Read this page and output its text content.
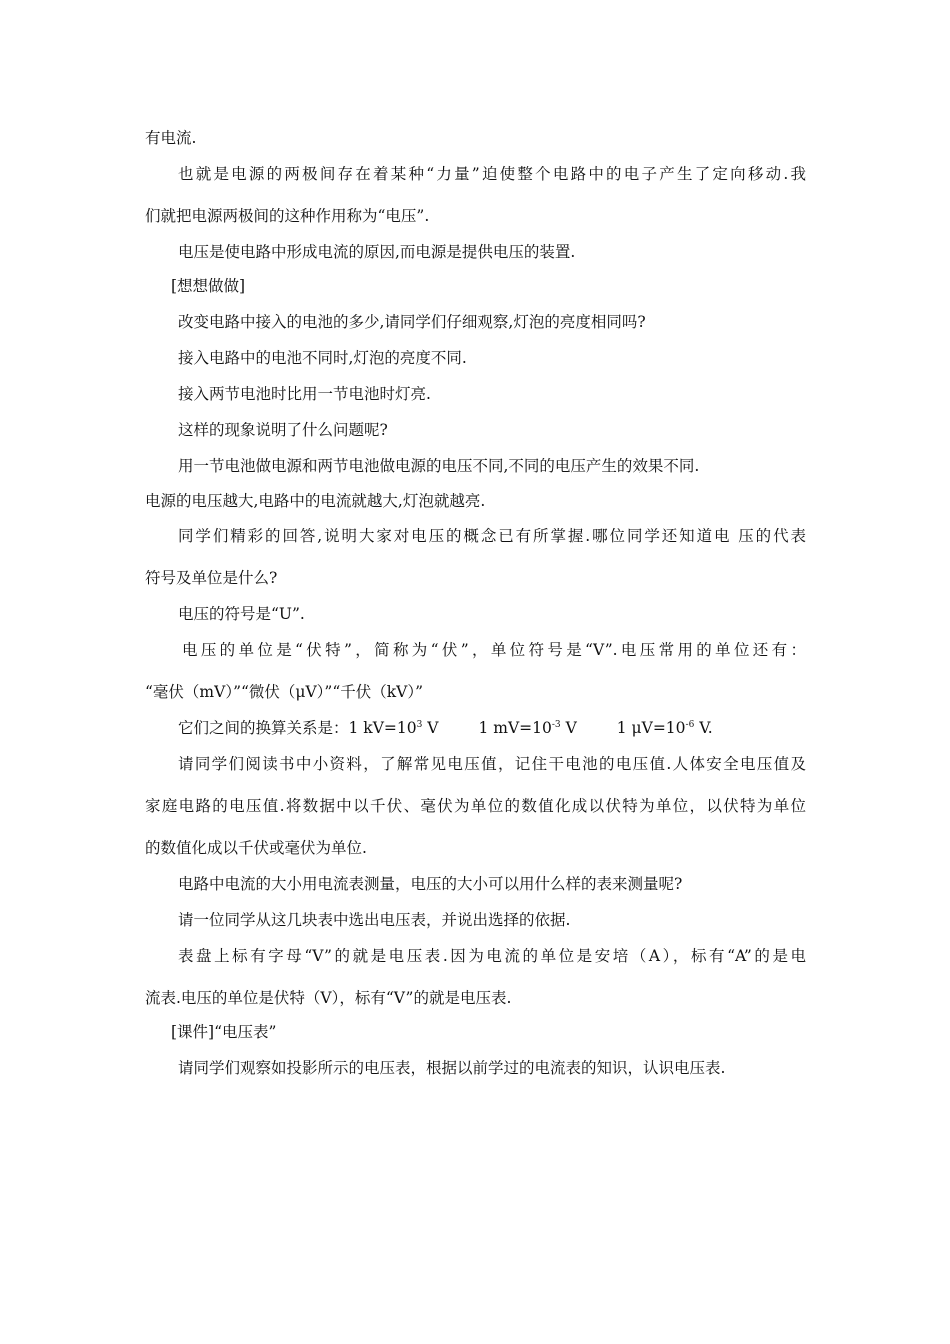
有电流.
也就是电源的两极间存在着某种“力量”迫使整个电路中的电子产生了定向移动.我
们就把电源两极间的这种作用称为“电压”.
电压是使电路中形成电流的原因,而电源是提供电压的装置.
[想想做做]
改变电路中接入的电池的多少,请同学们仔细观察,灯泡的亮度相同吗?
接入电路中的电池不同时,灯泡的亮度不同.
接入两节电池时比用一节电池时灯亮.
这样的现象说明了什么问题呢?
用一节电池做电源和两节电池做电源的电压不同,不同的电压产生的效果不同.
电源的电压越大,电路中的电流就越大,灯泡就越亮.
同学们精彩的回答,说明大家对电压的概念已有所掌握.哪位同学还知道电 压的代表
符号及单位是什么?
电压的符号是“U”.
电压的单位是“伏特”，简称为“伏”，单位符号是“V”.电压常用的单位还有：
“毫伏（mV）”“微伏（μV）”“千伏（kV）”
它们之间的换算关系是：1 $kV=10^3$ V	1 $mV=10^{-3}$ V	1 $\mu V=10^{-6}$ V.
请同学们阅读书中小资料，了解常见电压值，记住干电池的电压值.人体安全电压值及
家庭电路的电压值.将数据中以千伏、毫伏为单位的数值化成以伏特为单位，以伏特为单位
的数值化成以千伏或毫伏为单位.
电路中电流的大小用电流表测量，电压的大小可以用什么样的表来测量呢?
请一位同学从这几块表中选出电压表，并说出选择的依据.
表盘上标有字母“V”的就是电压表.因为电流的单位是安培（A），标有“A”的是电
流表.电压的单位是伏特（V），标有“V”的就是电压表.
[课件]“电压表”
请同学们观察如投影所示的电压表，根据以前学过的电流表的知识，认识电压表.
